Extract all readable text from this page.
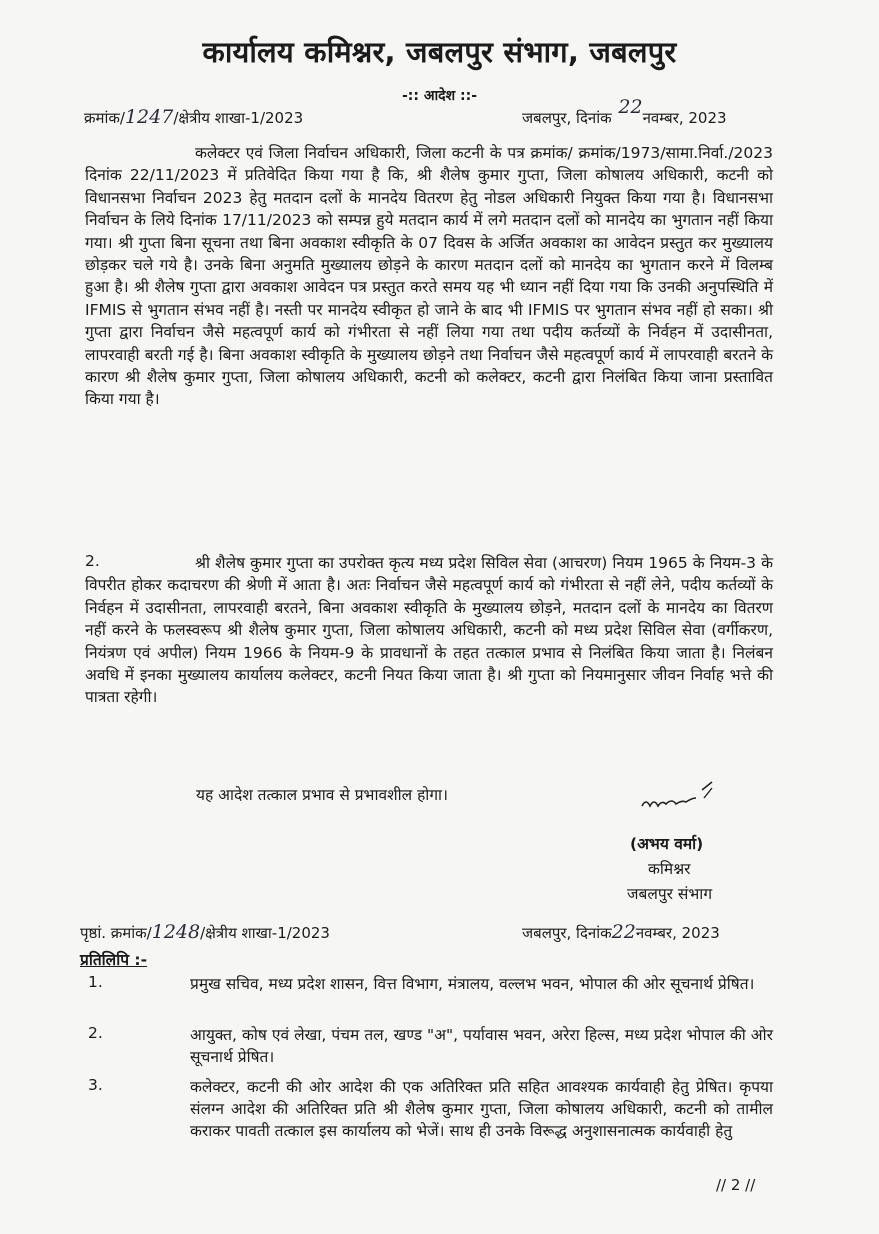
कार्यालय कमिश्नर, जबलपुर संभाग, जबलपुर
-:: आदेश ::-
क्रमांक/1247/क्षेत्रीय शाखा-1/2023	जबलपुर, दिनांक 22नवम्बर, 2023
कलेक्टर एवं जिला निर्वाचन अधिकारी, जिला कटनी के पत्र क्रमांक/ क्रमांक/1973/सामा.निर्वा./2023 दिनांक 22/11/2023 में प्रतिवेदित किया गया है कि, श्री शैलेष कुमार गुप्ता, जिला कोषालय अधिकारी, कटनी को विधानसभा निर्वाचन 2023 हेतु मतदान दलों के मानदेय वितरण हेतु नोडल अधिकारी नियुक्त किया गया है। विधानसभा निर्वाचन के लिये दिनांक 17/11/2023 को सम्पन्न हुये मतदान कार्य में लगे मतदान दलों को मानदेय का भुगतान नहीं किया गया। श्री गुप्ता बिना सूचना तथा बिना अवकाश स्वीकृति के 07 दिवस के अर्जित अवकाश का आवेदन प्रस्तुत कर मुख्यालय छोड़कर चले गये है। उनके बिना अनुमति मुख्यालय छोड़ने के कारण मतदान दलों को मानदेय का भुगतान करने में विलम्ब हुआ है। श्री शैलेष गुप्ता द्वारा अवकाश आवेदन पत्र प्रस्तुत करते समय यह भी ध्यान नहीं दिया गया कि उनकी अनुपस्थिति में IFMIS से भुगतान संभव नहीं है। नस्ती पर मानदेय स्वीकृत हो जाने के बाद भी IFMIS पर भुगतान संभव नहीं हो सका। श्री गुप्ता द्वारा निर्वाचन जैसे महत्वपूर्ण कार्य को गंभीरता से नहीं लिया गया तथा पदीय कर्तव्यों के निर्वहन में उदासीनता, लापरवाही बरती गई है। बिना अवकाश स्वीकृति के मुख्यालय छोड़ने तथा निर्वाचन जैसे महत्वपूर्ण कार्य में लापरवाही बरतने के कारण श्री शैलेष कुमार गुप्ता, जिला कोषालय अधिकारी, कटनी को कलेक्टर, कटनी द्वारा निलंबित किया जाना प्रस्तावित किया गया है।
2.	श्री शैलेष कुमार गुप्ता का उपरोक्त कृत्य मध्य प्रदेश सिविल सेवा (आचरण) नियम 1965 के नियम-3 के विपरीत होकर कदाचरण की श्रेणी में आता है। अतः निर्वाचन जैसे महत्वपूर्ण कार्य को गंभीरता से नहीं लेने, पदीय कर्तव्यों के निर्वहन में उदासीनता, लापरवाही बरतने, बिना अवकाश स्वीकृति के मुख्यालय छोड़ने, मतदान दलों के मानदेय का वितरण नहीं करने के फलस्वरूप श्री शैलेष कुमार गुप्ता, जिला कोषालय अधिकारी, कटनी को मध्य प्रदेश सिविल सेवा (वर्गीकरण, नियंत्रण एवं अपील) नियम 1966 के नियम-9 के प्रावधानों के तहत तत्काल प्रभाव से निलंबित किया जाता है। निलंबन अवधि में इनका मुख्यालय कार्यालय कलेक्टर, कटनी नियत किया जाता है। श्री गुप्ता को नियमानुसार जीवन निर्वाह भत्ते की पात्रता रहेगी।
यह आदेश तत्काल प्रभाव से प्रभावशील होगा।
(अभय वर्मा)
कमिश्नर
जबलपुर संभाग
पृष्ठां. क्रमांक/1248/क्षेत्रीय शाखा-1/2023	जबलपुर, दिनांक22नवम्बर, 2023
प्रतिलिपि :-
1.	प्रमुख सचिव, मध्य प्रदेश शासन, वित्त विभाग, मंत्रालय, वल्लभ भवन, भोपाल की ओर सूचनार्थ प्रेषित।
2.	आयुक्त, कोष एवं लेखा, पंचम तल, खण्ड "अ", पर्यावास भवन, अरेरा हिल्स, मध्य प्रदेश भोपाल की ओर सूचनार्थ प्रेषित।
3.	कलेक्टर, कटनी की ओर आदेश की एक अतिरिक्त प्रति सहित आवश्यक कार्यवाही हेतु प्रेषित। कृपया संलग्न आदेश की अतिरिक्त प्रति श्री शैलेष कुमार गुप्ता, जिला कोषालय अधिकारी, कटनी को तामील कराकर पावती तत्काल इस कार्यालय को भेजें। साथ ही उनके विरूद्ध अनुशासनात्मक कार्यवाही हेतु
// 2 //
